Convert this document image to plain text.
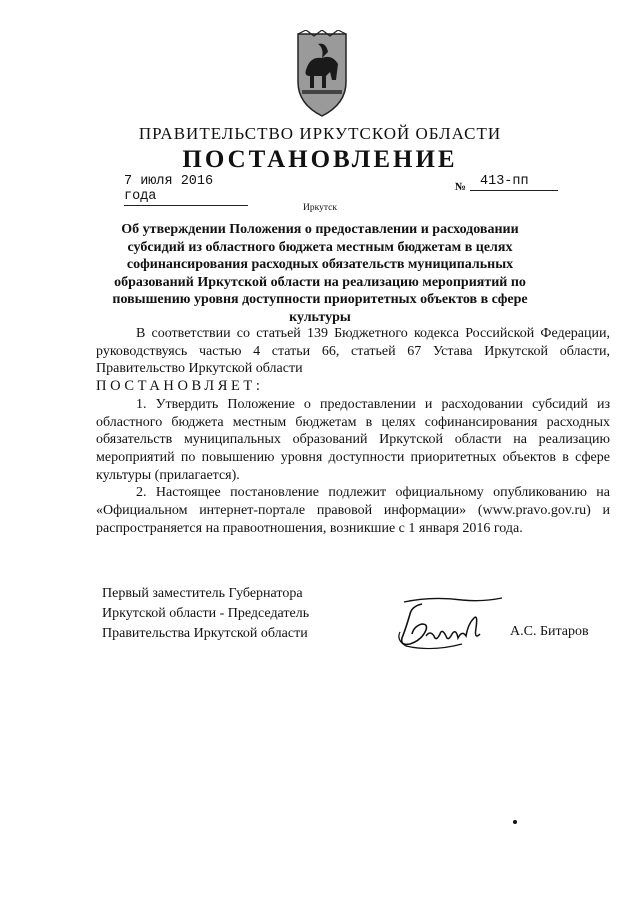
ПРАВИТЕЛЬСТВО ИРКУТСКОЙ ОБЛАСТИ
ПОСТАНОВЛЕНИЕ
7 июля 2016 года
№	413-пп
Иркутск
Об утверждении Положения о предоставлении и расходовании субсидий из областного бюджета местным бюджетам в целях софинансирования расходных обязательств муниципальных образований Иркутской области на реализацию мероприятий по повышению уровня доступности приоритетных объектов в сфере культуры

В соответствии со статьей 139 Бюджетного кодекса Российской Федерации, руководствуясь частью 4 статьи 66, статьей 67 Устава Иркутской области, Правительство Иркутской области

ПОСТАНОВЛЯЕТ:

1. Утвердить Положение о предоставлении и расходовании субсидий из областного бюджета местным бюджетам в целях софинансирования расходных обязательств муниципальных образований Иркутской области на реализацию мероприятий по повышению уровня доступности приоритетных объектов в сфере культуры (прилагается).

2. Настоящее постановление подлежит официальному опубликованию на «Официальном интернет-портале правовой информации» (www.pravo.gov.ru) и распространяется на правоотношения, возникшие с 1 января 2016 года.

Первый заместитель Губернатора
Иркутской области - Председатель
Правительства Иркутской области	А.С. Битаров
